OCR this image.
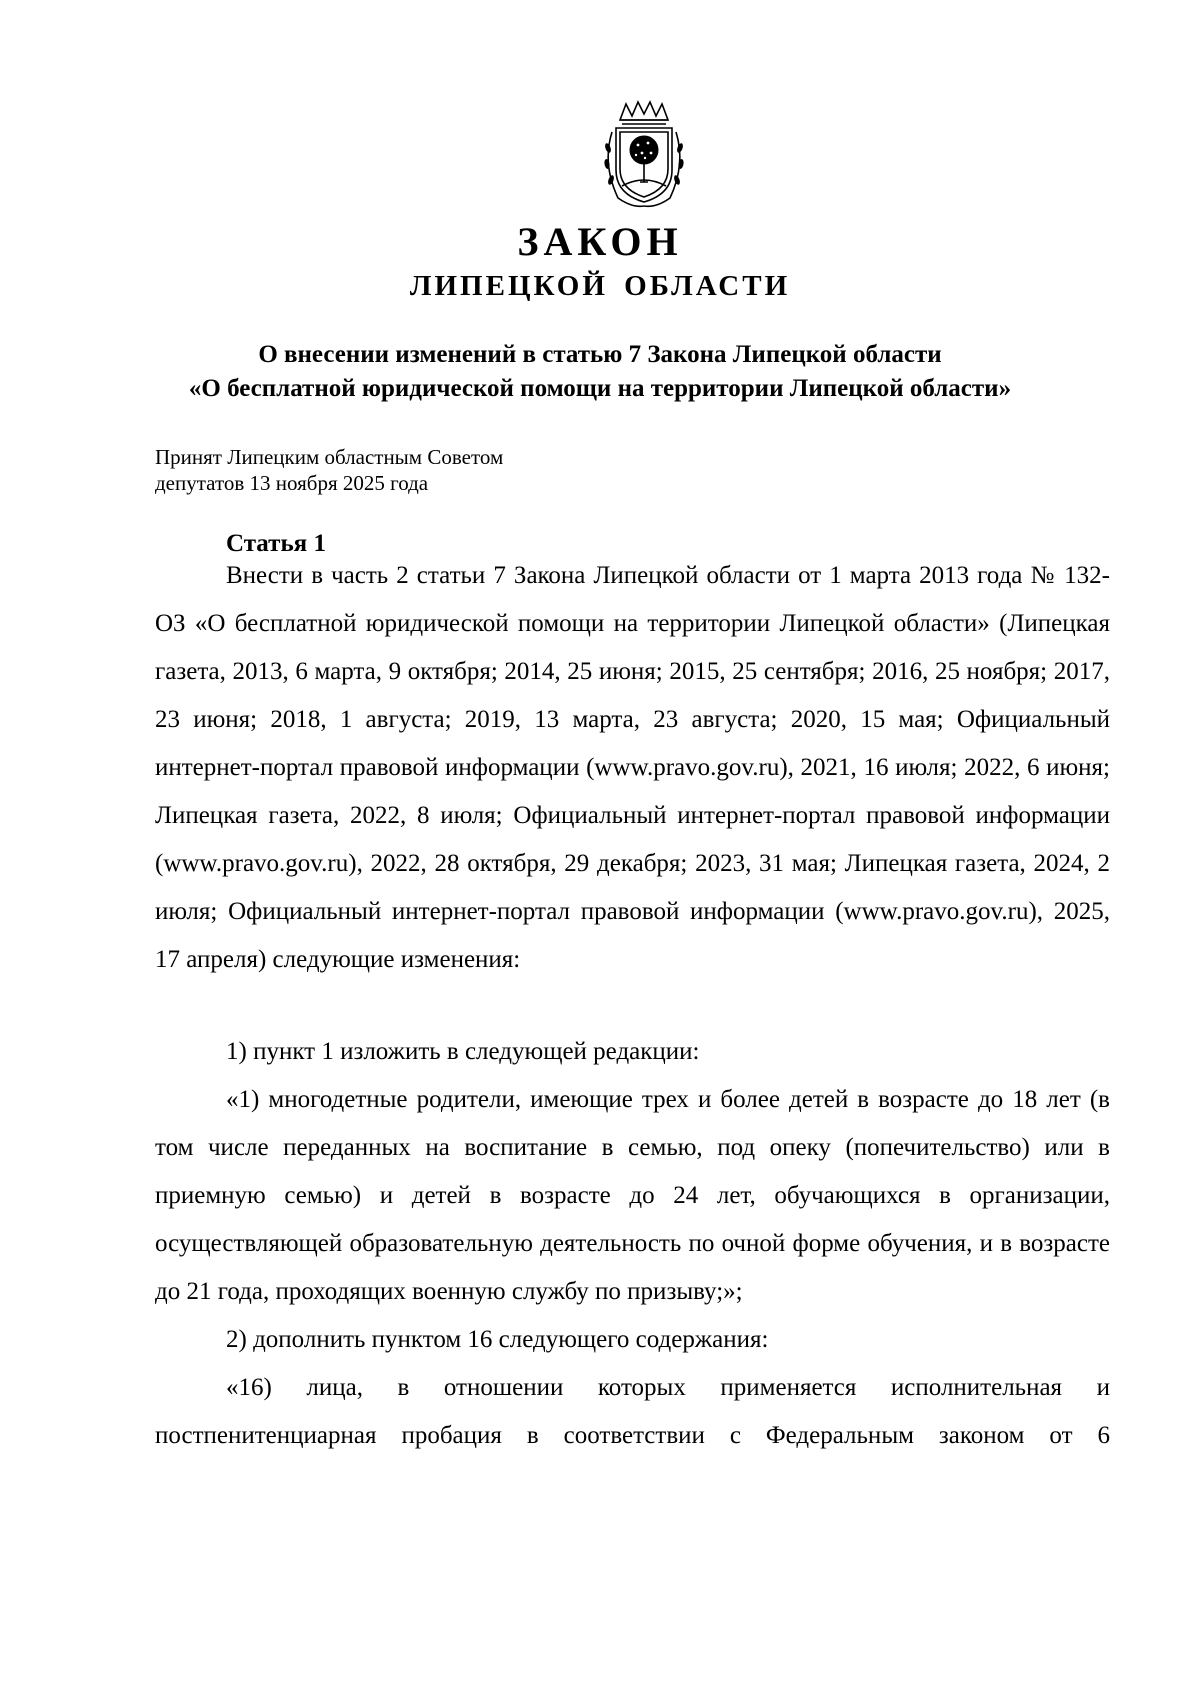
ЗАКОН
ЛИПЕЦКОЙ ОБЛАСТИ
О внесении изменений в статью 7 Закона Липецкой области
«О бесплатной юридической помощи на территории Липецкой области»
Принят Липецким областным Советом
депутатов 13 ноября 2025 года

Статья 1

Внести в часть 2 статьи 7 Закона Липецкой области от 1 марта 2013 года № 132-ОЗ «О бесплатной юридической помощи на территории Липецкой области» (Липецкая газета, 2013, 6 марта, 9 октября; 2014, 25 июня; 2015, 25 сентября; 2016, 25 ноября; 2017, 23 июня; 2018, 1 августа; 2019, 13 марта, 23 августа; 2020, 15 мая; Официальный интернет-портал правовой информации (www.pravo.gov.ru), 2021, 16 июля; 2022, 6 июня; Липецкая газета, 2022, 8 июля; Официальный интернет-портал правовой информации (www.pravo.gov.ru), 2022, 28 октября, 29 декабря; 2023, 31 мая; Липецкая газета, 2024, 2 июля; Официальный интернет-портал правовой информации (www.pravo.gov.ru), 2025, 17 апреля) следующие изменения:

1) пункт 1 изложить в следующей редакции:

«1) многодетные родители, имеющие трех и более детей в возрасте до 18 лет (в том числе переданных на воспитание в семью, под опеку (попечительство) или в приемную семью) и детей в возрасте до 24 лет, обучающихся в организации, осуществляющей образовательную деятельность по очной форме обучения, и в возрасте до 21 года, проходящих военную службу по призыву;»;

2) дополнить пунктом 16 следующего содержания:

«16) лица, в отношении которых применяется исполнительная и постпенитенциарная пробация в соответствии с Федеральным законом от 6
